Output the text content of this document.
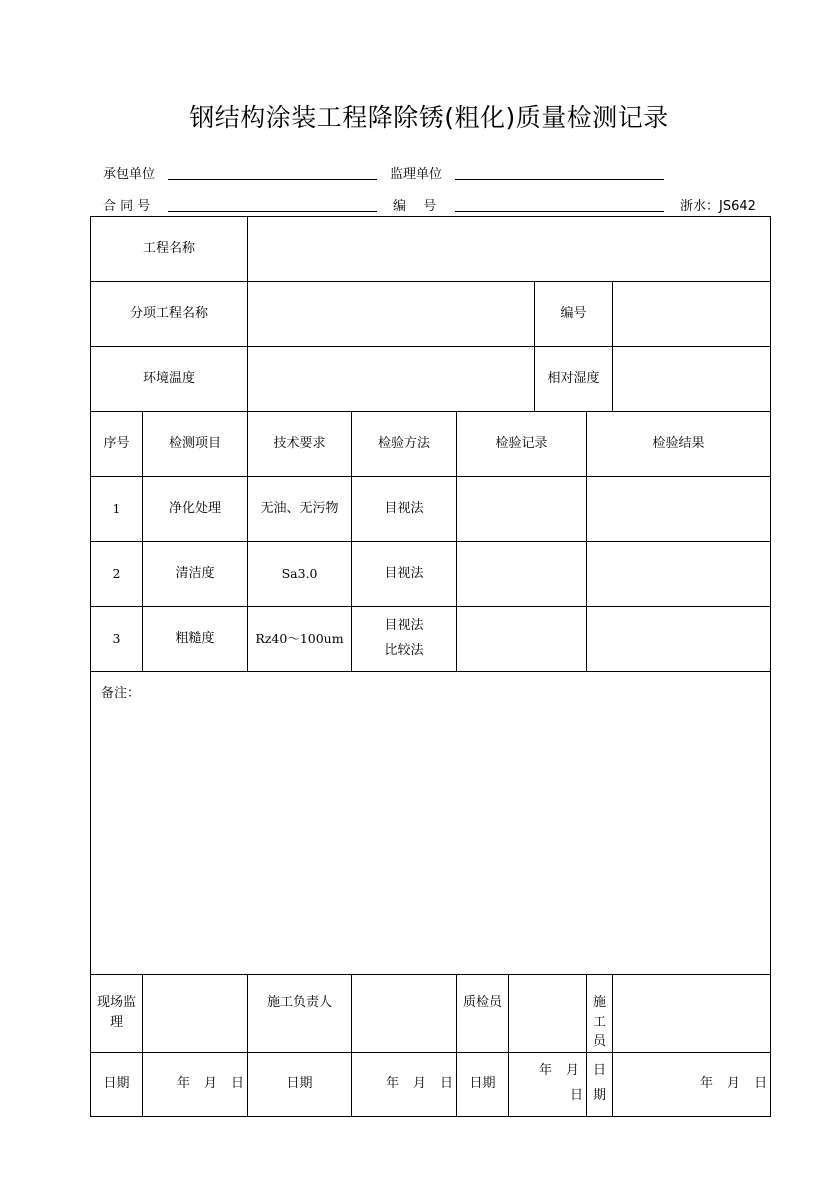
钢结构涂装工程降除锈(粗化)质量检测记录
承包单位	监理单位
合 同 号	编　 号	浙水：JS642
工程名称								
分项工程名称						编号		
环境温度						相对湿度		
序号	检测项目	技术要求	检验方法	检验记录			检验结果	
1	净化处理	无油、无污物	目视法					
2	清洁度	Sa3.0	目视法					
3	粗糙度	Rz40～100um	目视法
比较法					

备注：								
现场监理		施工负责人		质检员			施工员	
日期	年 月 日	日期	年 月 日	日期	年 月日		日期	年 月 日
